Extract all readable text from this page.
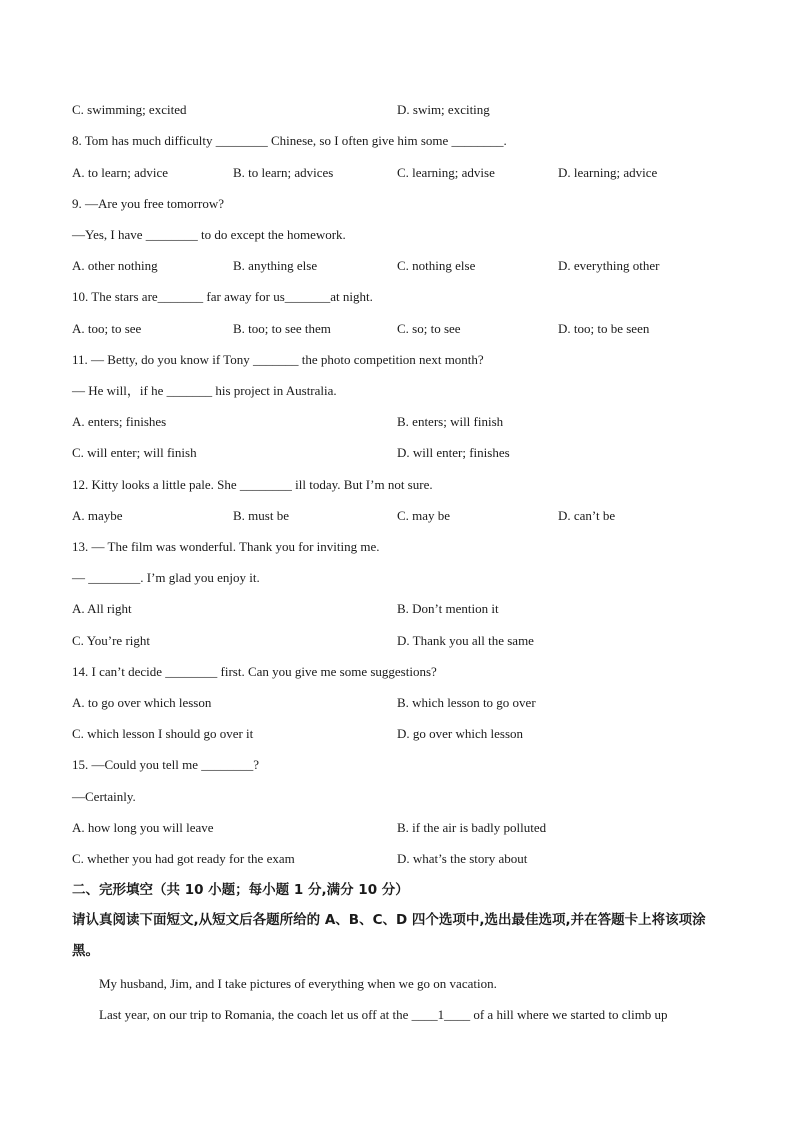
C. swimming; excited	D. swim; exciting

8. Tom has much difficulty ________ Chinese, so I often give him some ________.

A. to learn; advice	B. to learn; advices	C. learning; advise	D. learning; advice

9. —Are you free tomorrow?

—Yes, I have ________ to do except the homework.

A. other nothing	B. anything else	C. nothing else	D. everything other

10. The stars are_______ far away for us_______at night.

A. too; to see	B. too; to see them	C. so; to see	D. too; to be seen

11. — Betty, do you know if Tony _______ the photo competition next month?

— He will，if he _______ his project in Australia.

A. enters; finishes	B. enters; will finish
C. will enter; will finish	D. will enter; finishes

12. Kitty looks a little pale. She ________ ill today. But I’m not sure.

A. maybe	B. must be	C. may be	D. can’t be

13. — The film was wonderful. Thank you for inviting me.

— ________. I’m glad you enjoy it.

A. All right	B. Don’t mention it
C. You’re right	D. Thank you all the same

14. I can’t decide ________ first. Can you give me some suggestions?

A. to go over which lesson	B. which lesson to go over
C. which lesson I should go over it	D. go over which lesson

15. —Could you tell me ________?

—Certainly.

A. how long you will leave	B. if the air is badly polluted
C. whether you had got ready for the exam	D. what’s the story about
二、完形填空（共 10 小题；每小题 1 分,满分 10 分）
请认真阅读下面短文,从短文后各题所给的 A、B、C、D 四个选项中,选出最佳选项,并在答题卡上将该项涂黑。
My husband, Jim, and I take pictures of everything when we go on vacation.
Last year, on our trip to Romania, the coach let us off at the ____1____ of a hill where we started to climb up
